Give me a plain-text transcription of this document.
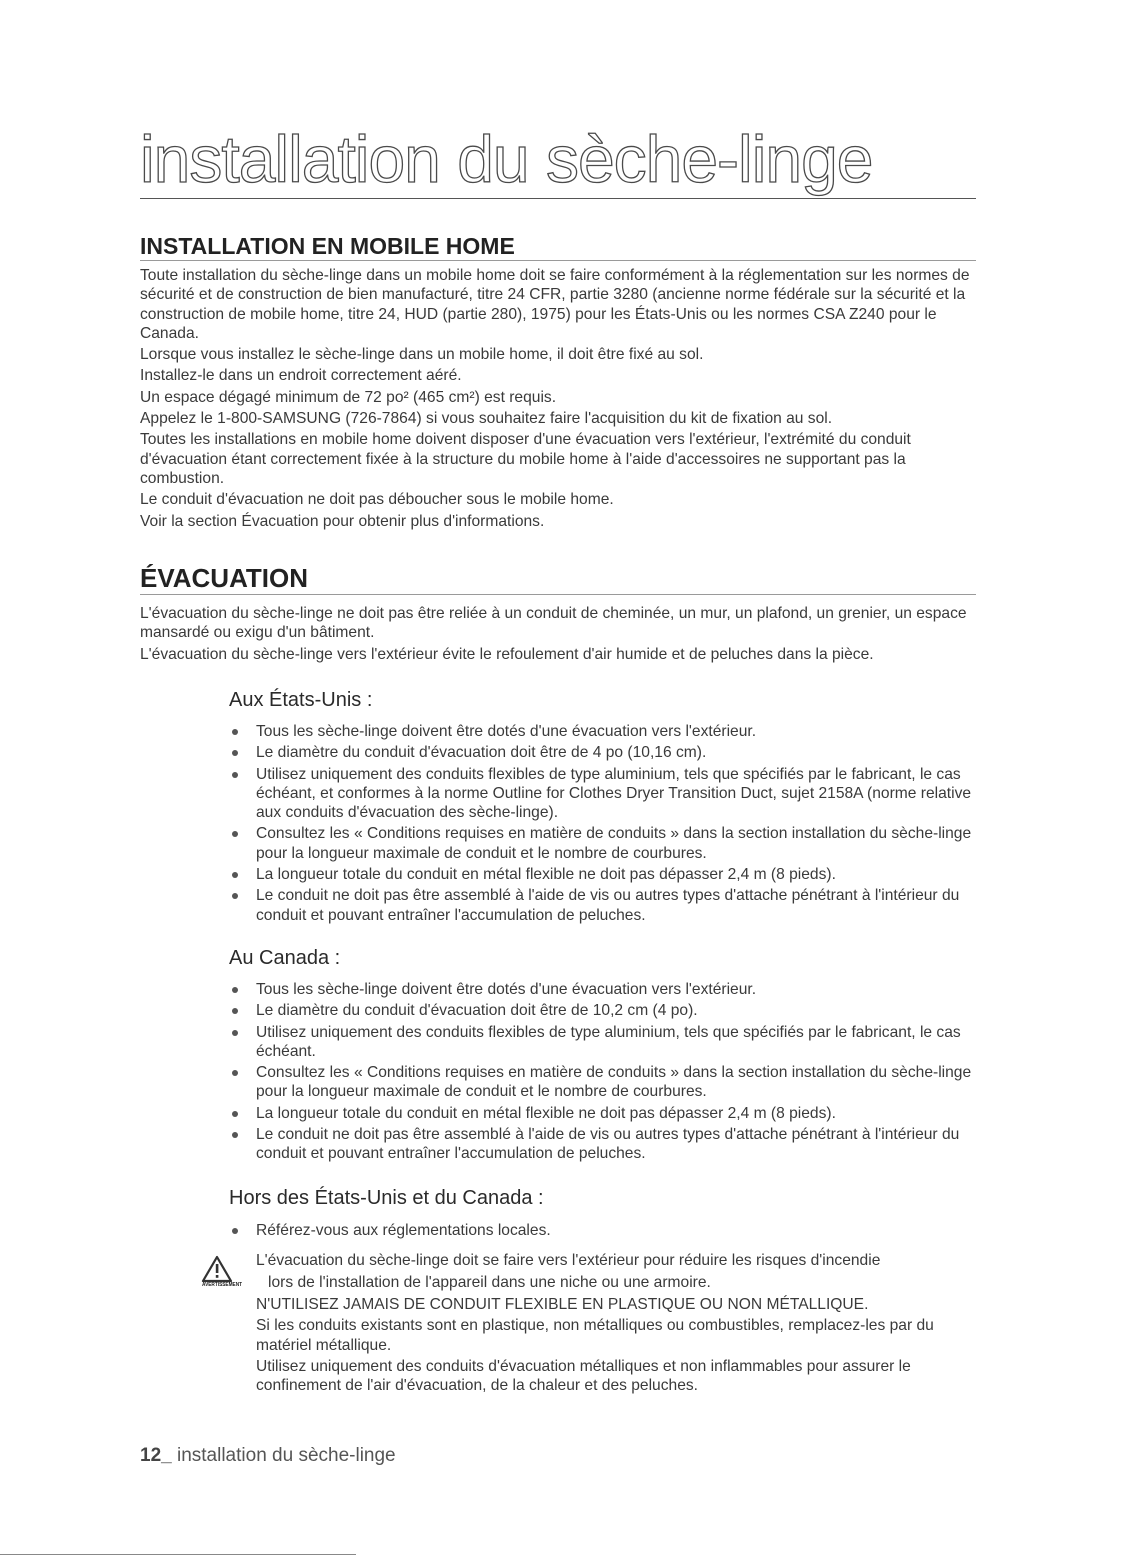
installation du sèche-linge
INSTALLATION EN MOBILE HOME

Toute installation du sèche-linge dans un mobile home doit se faire conformément à la réglementation sur les normes de sécurité et de construction de bien manufacturé, titre 24 CFR, partie 3280 (ancienne norme fédérale sur la sécurité et la construction de mobile home, titre 24, HUD (partie 280), 1975) pour les États-Unis ou les normes CSA Z240 pour le Canada.

Lorsque vous installez le sèche-linge dans un mobile home, il doit être fixé au sol.

Installez-le dans un endroit correctement aéré.

Un espace dégagé minimum de 72 po² (465 cm²) est requis.

Appelez le 1-800-SAMSUNG (726-7864) si vous souhaitez faire l'acquisition du kit de fixation au sol.

Toutes les installations en mobile home doivent disposer d'une évacuation vers l'extérieur, l'extrémité du conduit d'évacuation étant correctement fixée à la structure du mobile home à l'aide d'accessoires ne supportant pas la combustion.

Le conduit d'évacuation ne doit pas déboucher sous le mobile home.

Voir la section Évacuation pour obtenir plus d'informations.

ÉVACUATION

L'évacuation du sèche-linge ne doit pas être reliée à un conduit de cheminée, un mur, un plafond, un grenier, un espace mansardé ou exigu d'un bâtiment.

L'évacuation du sèche-linge vers l'extérieur évite le refoulement d'air humide et de peluches dans la pièce.

Aux États-Unis :
Tous les sèche-linge doivent être dotés d'une évacuation vers l'extérieur.
Le diamètre du conduit d'évacuation doit être de 4 po (10,16 cm).
Utilisez uniquement des conduits flexibles de type aluminium, tels que spécifiés par le fabricant, le cas échéant, et conformes à la norme Outline for Clothes Dryer Transition Duct, sujet 2158A (norme relative aux conduits d'évacuation des sèche-linge).
Consultez les « Conditions requises en matière de conduits » dans la section installation du sèche-linge pour la longueur maximale de conduit et le nombre de courbures.
La longueur totale du conduit en métal flexible ne doit pas dépasser 2,4 m (8 pieds).
Le conduit ne doit pas être assemblé à l'aide de vis ou autres types d'attache pénétrant à l'intérieur du conduit et pouvant entraîner l'accumulation de peluches.
Au Canada :
Tous les sèche-linge doivent être dotés d'une évacuation vers l'extérieur.
Le diamètre du conduit d'évacuation doit être de 10,2 cm (4 po).
Utilisez uniquement des conduits flexibles de type aluminium, tels que spécifiés par le fabricant, le cas échéant.
Consultez les « Conditions requises en matière de conduits » dans la section installation du sèche-linge pour la longueur maximale de conduit et le nombre de courbures.
La longueur totale du conduit en métal flexible ne doit pas dépasser 2,4 m (8 pieds).
Le conduit ne doit pas être assemblé à l'aide de vis ou autres types d'attache pénétrant à l'intérieur du conduit et pouvant entraîner l'accumulation de peluches.
Hors des États-Unis et du Canada :
Référez-vous aux réglementations locales.
AVERTISSEMENT

L'évacuation du sèche-linge doit se faire vers l'extérieur pour réduire les risques d'incendie

lors de l'installation de l'appareil dans une niche ou une armoire.

N'UTILISEZ JAMAIS DE CONDUIT FLEXIBLE EN PLASTIQUE OU NON MÉTALLIQUE.

Si les conduits existants sont en plastique, non métalliques ou combustibles, remplacez-les par du matériel métallique.

Utilisez uniquement des conduits d'évacuation métalliques et non inflammables pour assurer le confinement de l'air d'évacuation, de la chaleur et des peluches.

12_ installation du sèche-linge
